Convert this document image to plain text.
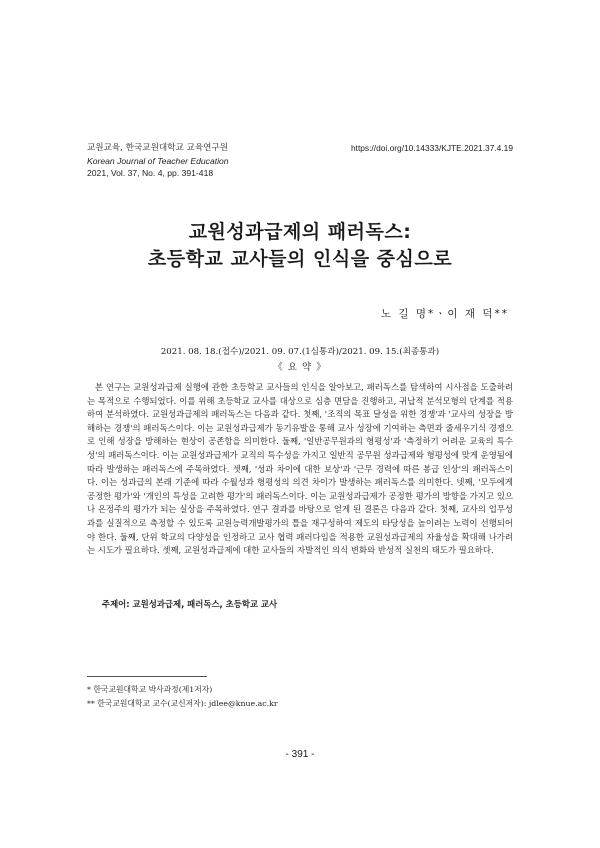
교원교육, 한국교원대학교 교육연구원
Korean Journal of Teacher Education
2021, Vol. 37, No. 4, pp. 391-418
https://doi.org/10.14333/KJTE.2021.37.4.19
교원성과급제의 패러독스:
초등학교 교사들의 인식을 중심으로
노 길 명*ㆍ이 재 덕**
2021. 08. 18.(접수)/2021. 09. 07.(1심통과)/2021. 09. 15.(최종통과)
《 요 약 》

본 연구는 교원성과급제 실행에 관한 초등학교 교사들의 인식을 알아보고, 패러독스를 탐색하여 시사점을 도출하려는 목적으로 수행되었다. 이를 위해 초등학교 교사를 대상으로 심층 면담을 진행하고, 귀납적 분석모형의 단계를 적용하여 분석하였다. 교원성과급제의 패러독스는 다음과 같다. 첫째, '조직의 목표 달성을 위한 경쟁'과 '교사의 성장을 방해하는 경쟁'의 패러독스이다. 이는 교원성과급제가 동기유발을 통해 교사 성장에 기여하는 측면과 줄세우기식 경쟁으로 인해 성장을 방해하는 현상이 공존함을 의미한다. 둘째, '일반공무원과의 형평성'과 '측정하기 어려운 교육의 특수성'의 패러독스이다. 이는 교원성과급제가 교직의 특수성을 가지고 일반직 공무원 성과급제와 형평성에 맞게 운영됨에 따라 발생하는 패러독스에 주목하였다. 셋째, '성과 차이에 대한 보상'과 '근무 경력에 따른 봉급 인상'의 패러독스이다. 이는 성과급의 본래 기준에 따라 수월성과 형평성의 의견 차이가 발생하는 패러독스를 의미한다. 넷째, '모두에게 공정한 평가'와 '개인의 특성을 고려한 평가'의 패러독스이다. 이는 교원성과급제가 공정한 평가의 방향을 가지고 있으나 온정주의 평가가 되는 실상을 주목하였다. 연구 결과를 바탕으로 얻게 된 결론은 다음과 같다. 첫째, 교사의 업무성과를 실질적으로 측정할 수 있도록 교원능력개발평가의 틀을 재구성하여 제도의 타당성을 높이려는 노력이 선행되어야 한다. 둘째, 단위 학교의 다양성을 인정하고 교사 협력 패러다임을 적용한 교원성과급제의 자율성을 확대해 나가려는 시도가 필요하다. 셋째, 교원성과급제에 대한 교사들의 자발적인 의식 변화와 반성적 실천의 태도가 필요하다.

주제어: 교원성과급제, 패러독스, 초등학교 교사
* 한국교원대학교 박사과정(제1저자)
** 한국교원대학교 교수(교신저자): jdlee@knue.ac.kr
- 391 -
